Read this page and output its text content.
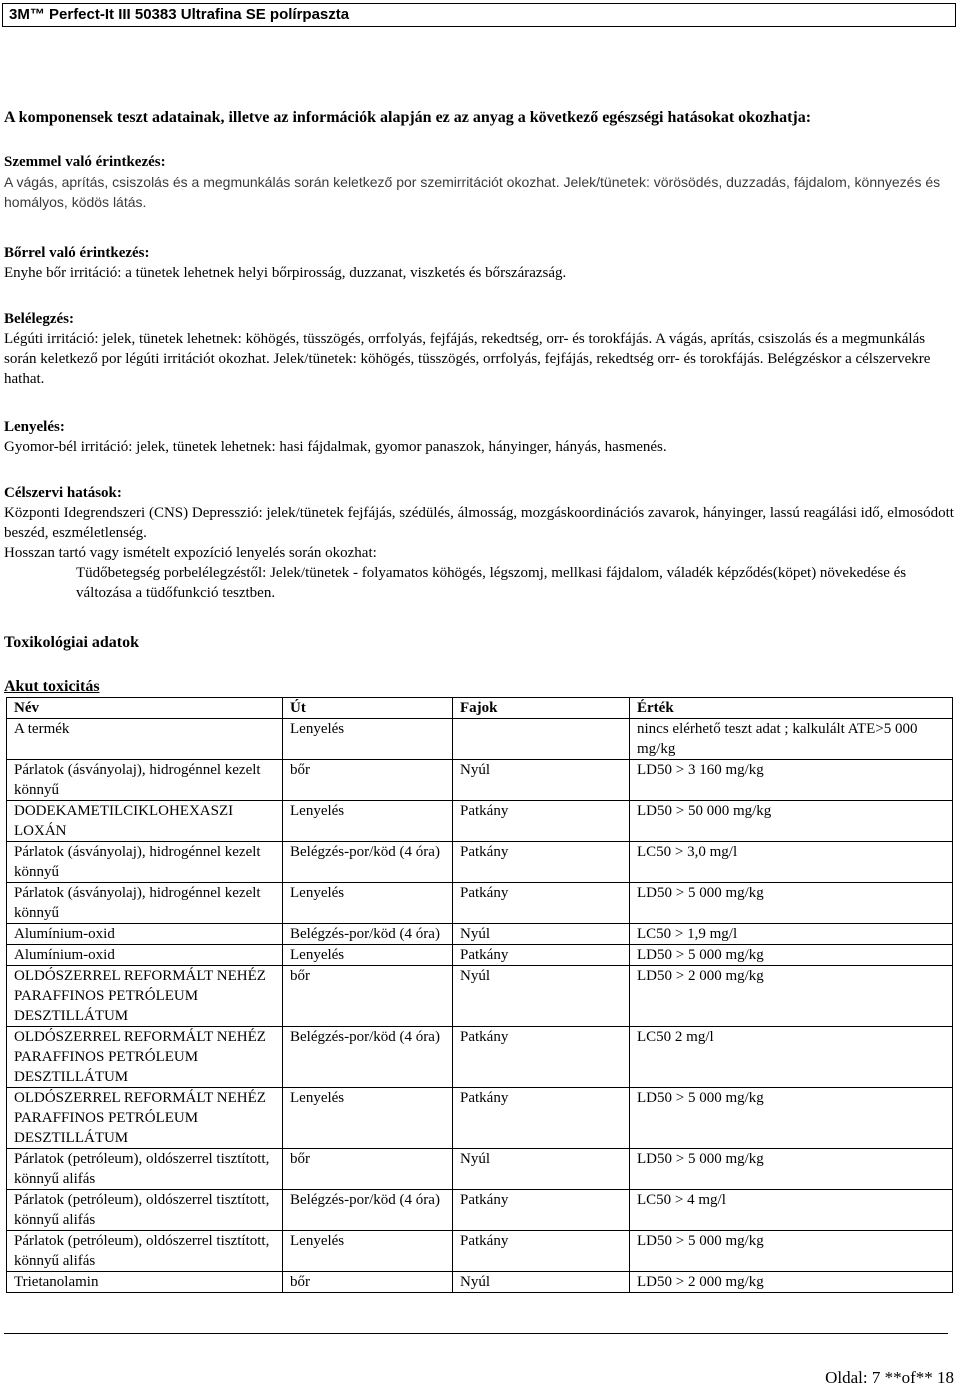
3M™ Perfect-It III 50383 Ultrafina SE polírpaszta
A komponensek teszt adatainak, illetve az információk alapján ez az anyag a következő egészségi hatásokat okozhatja:
Szemmel való érintkezés:

A vágás, aprítás, csiszolás és a megmunkálás során keletkező por szemirritációt okozhat. Jelek/tünetek: vörösödés, duzzadás, fájdalom, könnyezés és homályos, ködös látás.

Bőrrel való érintkezés:

Enyhe bőr irritáció: a tünetek lehetnek helyi bőrpirosság, duzzanat, viszketés és bőrszárazság.

Belélegzés:

Légúti irritáció: jelek, tünetek lehetnek: köhögés, tüsszögés, orrfolyás, fejfájás, rekedtség, orr- és torokfájás. A vágás, aprítás, csiszolás és a megmunkálás során keletkező por légúti irritációt okozhat. Jelek/tünetek: köhögés, tüsszögés, orrfolyás, fejfájás, rekedtség orr- és torokfájás. Belégzéskor a célszervekre hathat.

Lenyelés:

Gyomor-bél irritáció: jelek, tünetek lehetnek: hasi fájdalmak, gyomor panaszok, hányinger, hányás, hasmenés.

Célszervi hatások:

Központi Idegrendszeri (CNS) Depresszió: jelek/tünetek fejfájás, szédülés, álmosság, mozgáskoordinációs zavarok, hányinger, lassú reagálási idő, elmosódott beszéd, eszméletlenség.

Hosszan tartó vagy ismételt expozíció lenyelés során okozhat:

Tüdőbetegség porbelélegzéstől: Jelek/tünetek - folyamatos köhögés, légszomj, mellkasi fájdalom, váladék képződés(köpet) növekedése és változása a tüdőfunkció tesztben.

Toxikológiai adatok
Akut toxicitás
Név	Út	Fajok	Érték
A termék	Lenyelés		nincs elérhető teszt adat ; kalkulált ATE>5 000 mg/kg
Párlatok (ásványolaj), hidrogénnel kezelt könnyű	bőr	Nyúl	LD50 > 3 160 mg/kg
DODEKAMETILCIKLOHEXASZI LOXÁN	Lenyelés	Patkány	LD50 > 50 000 mg/kg
Párlatok (ásványolaj), hidrogénnel kezelt könnyű	Belégzés-por/köd (4 óra)	Patkány	LC50 > 3,0 mg/l
Párlatok (ásványolaj), hidrogénnel kezelt könnyű	Lenyelés	Patkány	LD50 > 5 000 mg/kg
Alumínium-oxid	Belégzés-por/köd (4 óra)	Nyúl	LC50 > 1,9 mg/l
Alumínium-oxid	Lenyelés	Patkány	LD50 > 5 000 mg/kg
OLDÓSZERREL REFORMÁLT NEHÉZ PARAFFINOS PETRÓLEUM DESZTILLÁTUM	bőr	Nyúl	LD50 > 2 000 mg/kg
OLDÓSZERREL REFORMÁLT NEHÉZ PARAFFINOS PETRÓLEUM DESZTILLÁTUM	Belégzés-por/köd (4 óra)	Patkány	LC50 2 mg/l
OLDÓSZERREL REFORMÁLT NEHÉZ PARAFFINOS PETRÓLEUM DESZTILLÁTUM	Lenyelés	Patkány	LD50 > 5 000 mg/kg
Párlatok (petróleum), oldószerrel tisztított, könnyű alifás	bőr	Nyúl	LD50 > 5 000 mg/kg
Párlatok (petróleum), oldószerrel tisztított, könnyű alifás	Belégzés-por/köd (4 óra)	Patkány	LC50 > 4 mg/l
Párlatok (petróleum), oldószerrel tisztított, könnyű alifás	Lenyelés	Patkány	LD50 > 5 000 mg/kg
Trietanolamin	bőr	Nyúl	LD50 > 2 000 mg/kg
Oldal: 7 **of** 18
